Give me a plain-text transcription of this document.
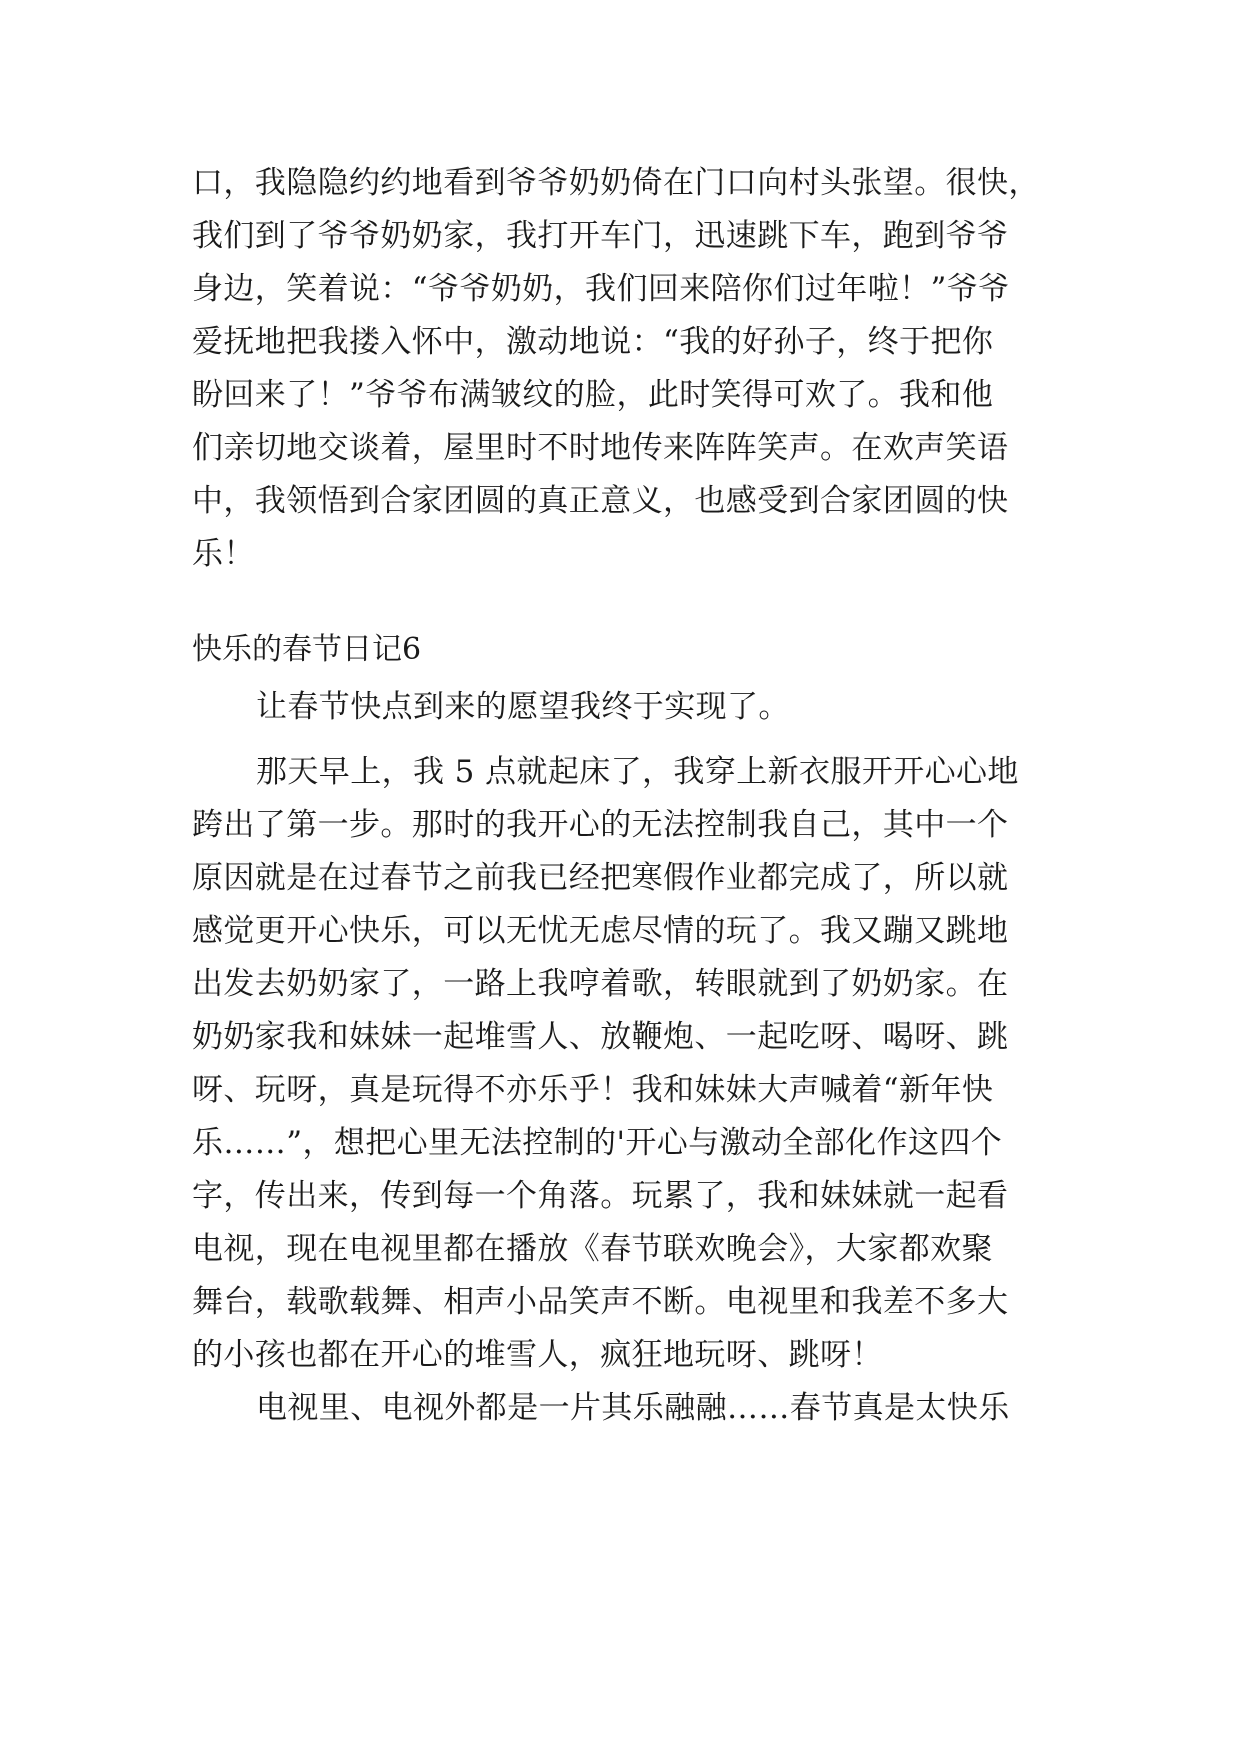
口，我隐隐约约地看到爷爷奶奶倚在门口向村头张望。很快，
我们到了爷爷奶奶家，我打开车门，迅速跳下车，跑到爷爷
身边，笑着说：“爷爷奶奶，我们回来陪你们过年啦！”爷爷
爱抚地把我搂入怀中，激动地说：“我的好孙子，终于把你
盼回来了！”爷爷布满皱纹的脸，此时笑得可欢了。我和他
们亲切地交谈着，屋里时不时地传来阵阵笑声。在欢声笑语
中，我领悟到合家团圆的真正意义，也感受到合家团圆的快
乐！
快乐的春节日记6
让春节快点到来的愿望我终于实现了。
那天早上，我 5 点就起床了，我穿上新衣服开开心心地
跨出了第一步。那时的我开心的无法控制我自己，其中一个
原因就是在过春节之前我已经把寒假作业都完成了，所以就
感觉更开心快乐，可以无忧无虑尽情的玩了。我又蹦又跳地
出发去奶奶家了，一路上我哼着歌，转眼就到了奶奶家。在
奶奶家我和妹妹一起堆雪人、放鞭炮、一起吃呀、喝呀、跳
呀、玩呀，真是玩得不亦乐乎！我和妹妹大声喊着“新年快
乐……”，想把心里无法控制的'开心与激动全部化作这四个
字，传出来，传到每一个角落。玩累了，我和妹妹就一起看
电视，现在电视里都在播放《春节联欢晚会》，大家都欢聚
舞台，载歌载舞、相声小品笑声不断。电视里和我差不多大
的小孩也都在开心的堆雪人，疯狂地玩呀、跳呀！
电视里、电视外都是一片其乐融融……春节真是太快乐
